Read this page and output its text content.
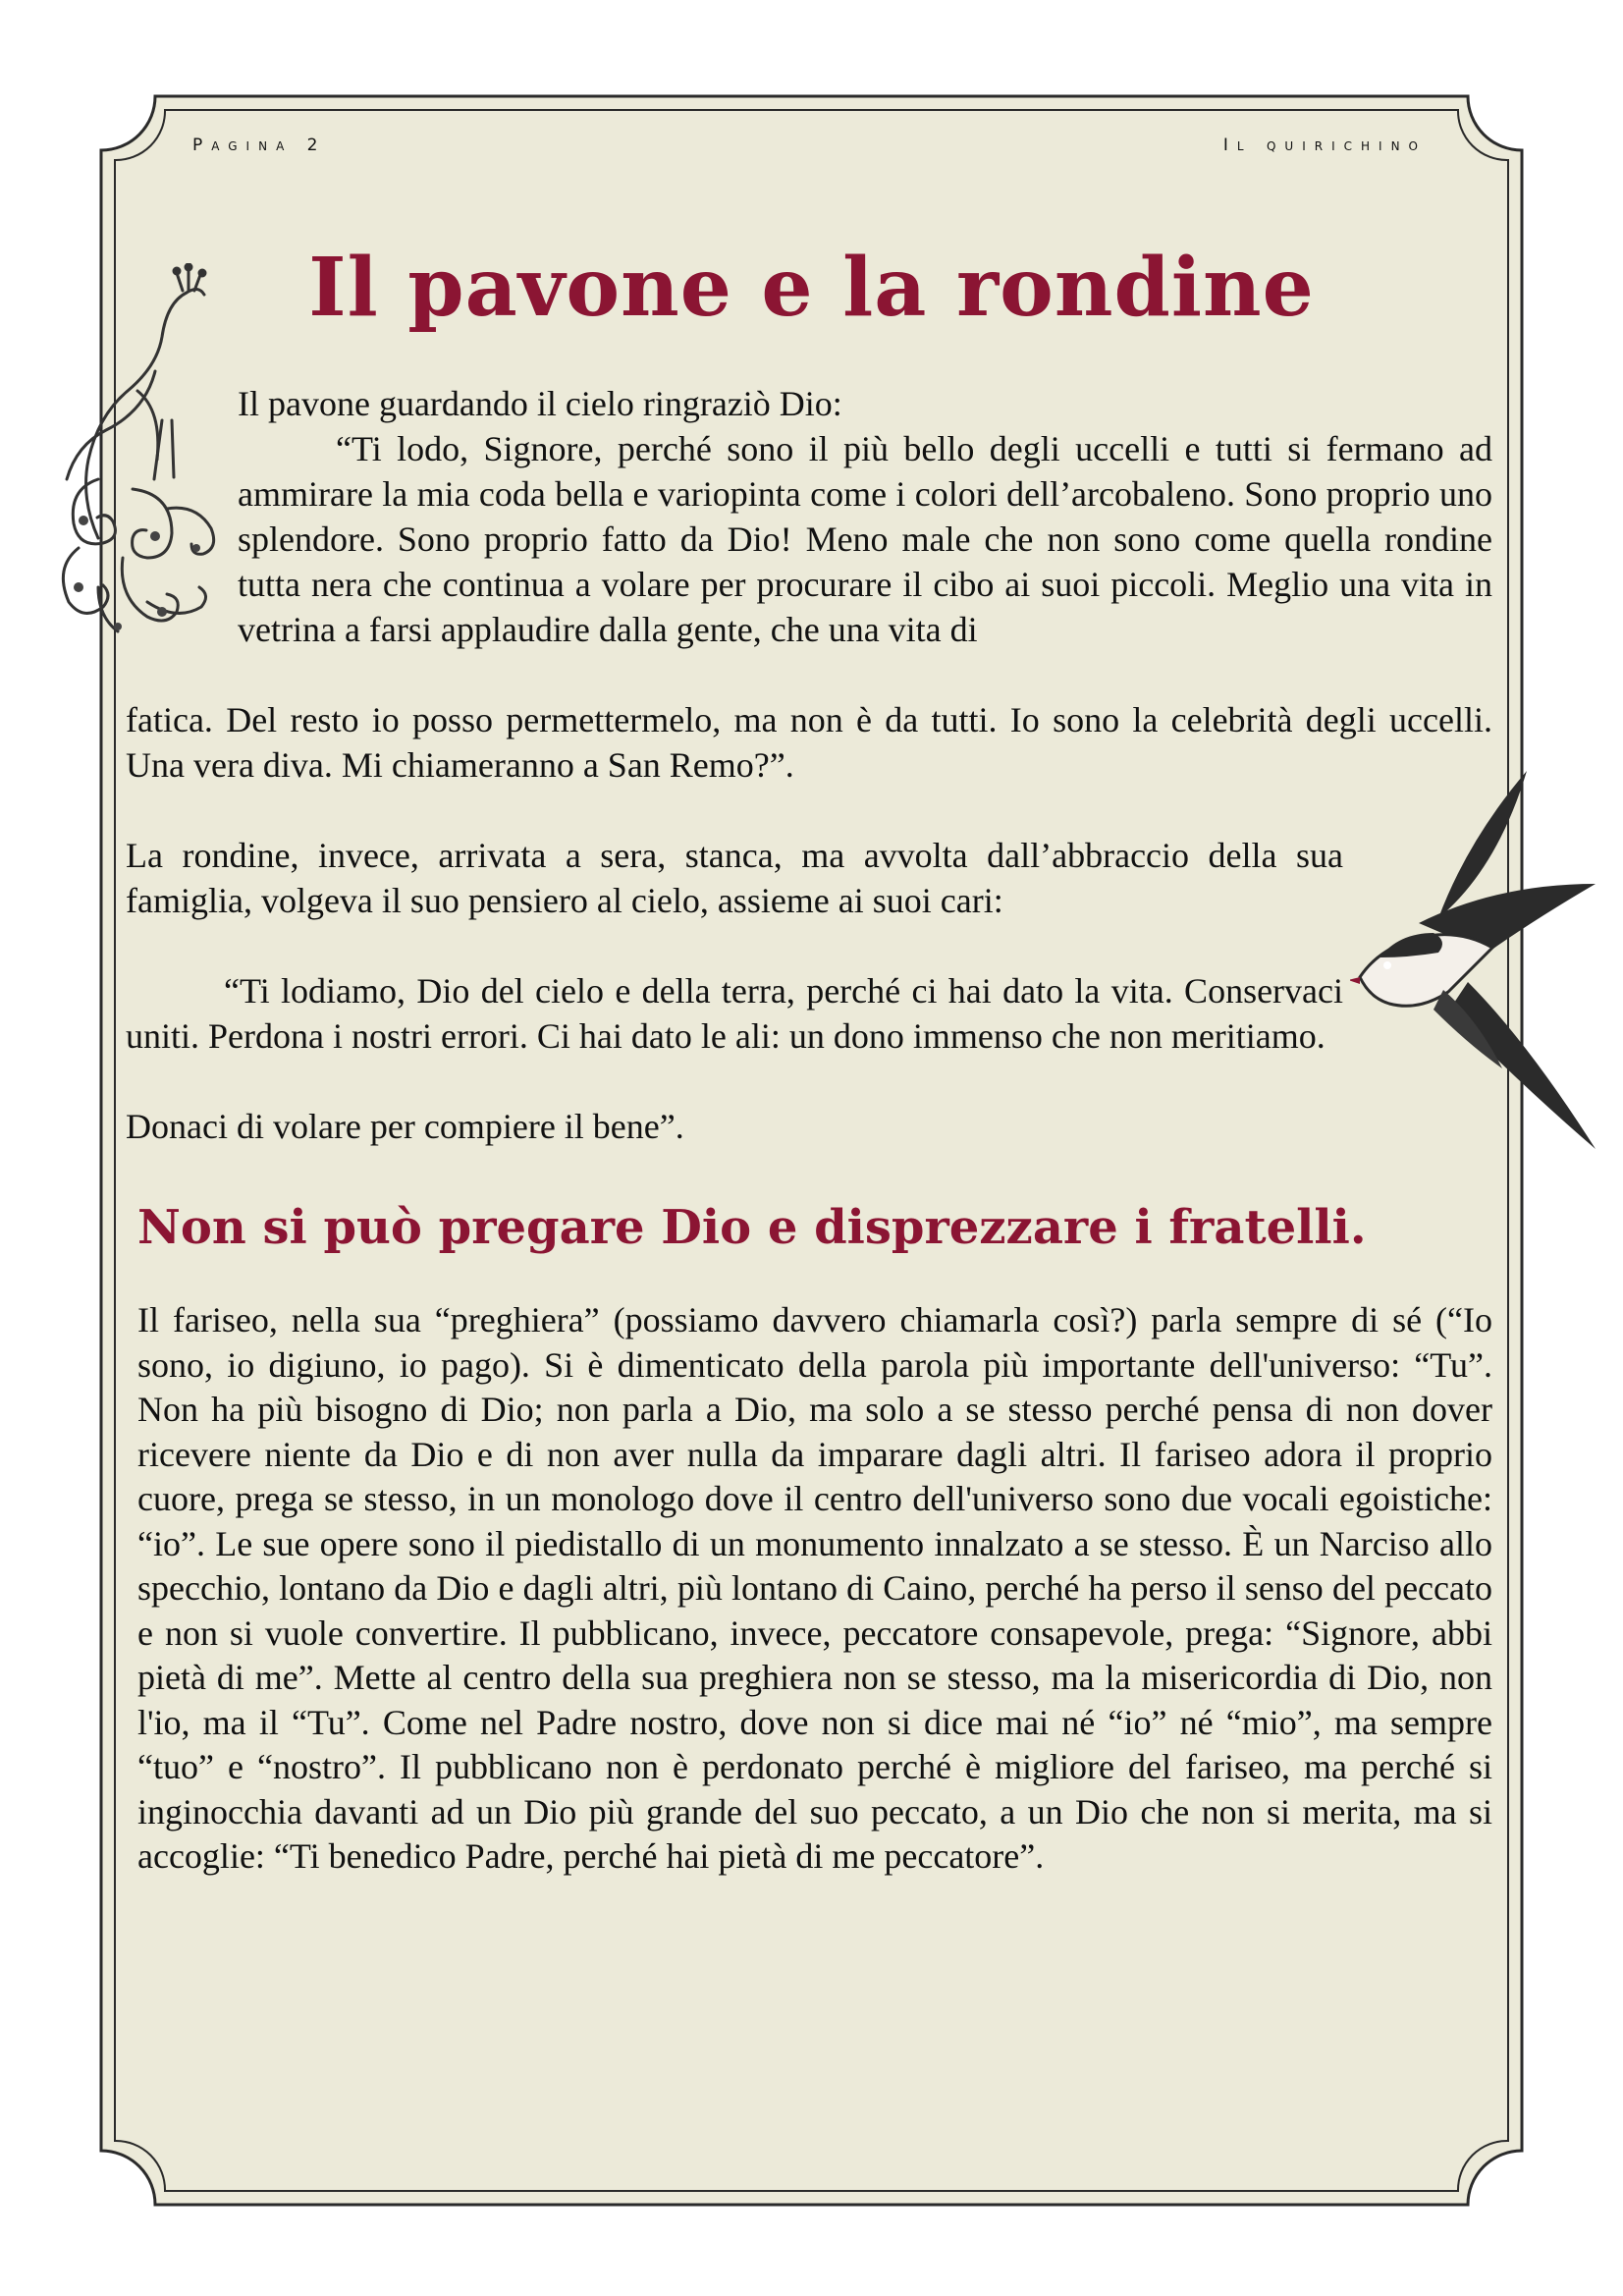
Pagina 2	Il quirichino
Il pavone e la rondine
Il pavone guardando il cielo ringraziò Dio:
“Ti lodo, Signore, perché sono il più bello degli uccelli e tutti si fermano ad ammirare la mia coda bella e variopinta come i colori dell’arcobaleno. Sono proprio uno splendore. Sono proprio fatto da Dio! Meno male che non sono come quella rondine tutta nera che continua a volare per procurare il cibo ai suoi piccoli. Meglio una vita in vetrina a farsi applaudire dalla gente, che una vita di
fatica. Del resto io posso permettermelo, ma non è da tutti. Io sono la celebrità degli uccelli. Una vera diva. Mi chiameranno a San Remo?”.
La rondine, invece, arrivata a sera, stanca, ma avvolta dall’abbraccio della sua famiglia, volgeva il suo pensiero al cielo, assieme ai suoi cari:
“Ti lodiamo, Dio del cielo e della terra, perché ci hai dato la vita. Conservaci uniti. Perdona i nostri errori. Ci hai dato le ali: un dono immenso che non meritiamo.
Donaci di volare per compiere il bene”.
Non si può pregare Dio e disprezzare i fratelli.
Il fariseo, nella sua “preghiera” (possiamo davvero chiamarla così?) parla sempre di sé (“Io sono, io digiuno, io pago). Si è dimenticato della parola più importante dell'universo: “Tu”. Non ha più bisogno di Dio; non parla a Dio, ma solo a se stesso perché pensa di non dover ricevere niente da Dio e di non aver nulla da imparare dagli altri. Il fariseo adora il proprio cuore, prega se stesso, in un monologo dove il centro dell'universo sono due vocali egoistiche: “io”. Le sue opere sono il piedistallo di un monumento innalzato a se stesso. È un Narciso allo specchio, lontano da Dio e dagli altri, più lontano di Caino, perché ha perso il senso del peccato e non si vuole convertire. Il pubblicano, invece, peccatore consapevole, prega: “Signore, abbi pietà di me”. Mette al centro della sua preghiera non se stesso, ma la misericordia di Dio, non l'io, ma il “Tu”. Come nel Padre nostro, dove non si dice mai né “io” né “mio”, ma sempre “tuo” e “nostro”. Il pubblicano non è perdonato perché è migliore del fariseo, ma perché si inginocchia davanti ad un Dio più grande del suo peccato, a un Dio che non si merita, ma si accoglie: “Ti benedico Padre, perché hai pietà di me peccatore”.
